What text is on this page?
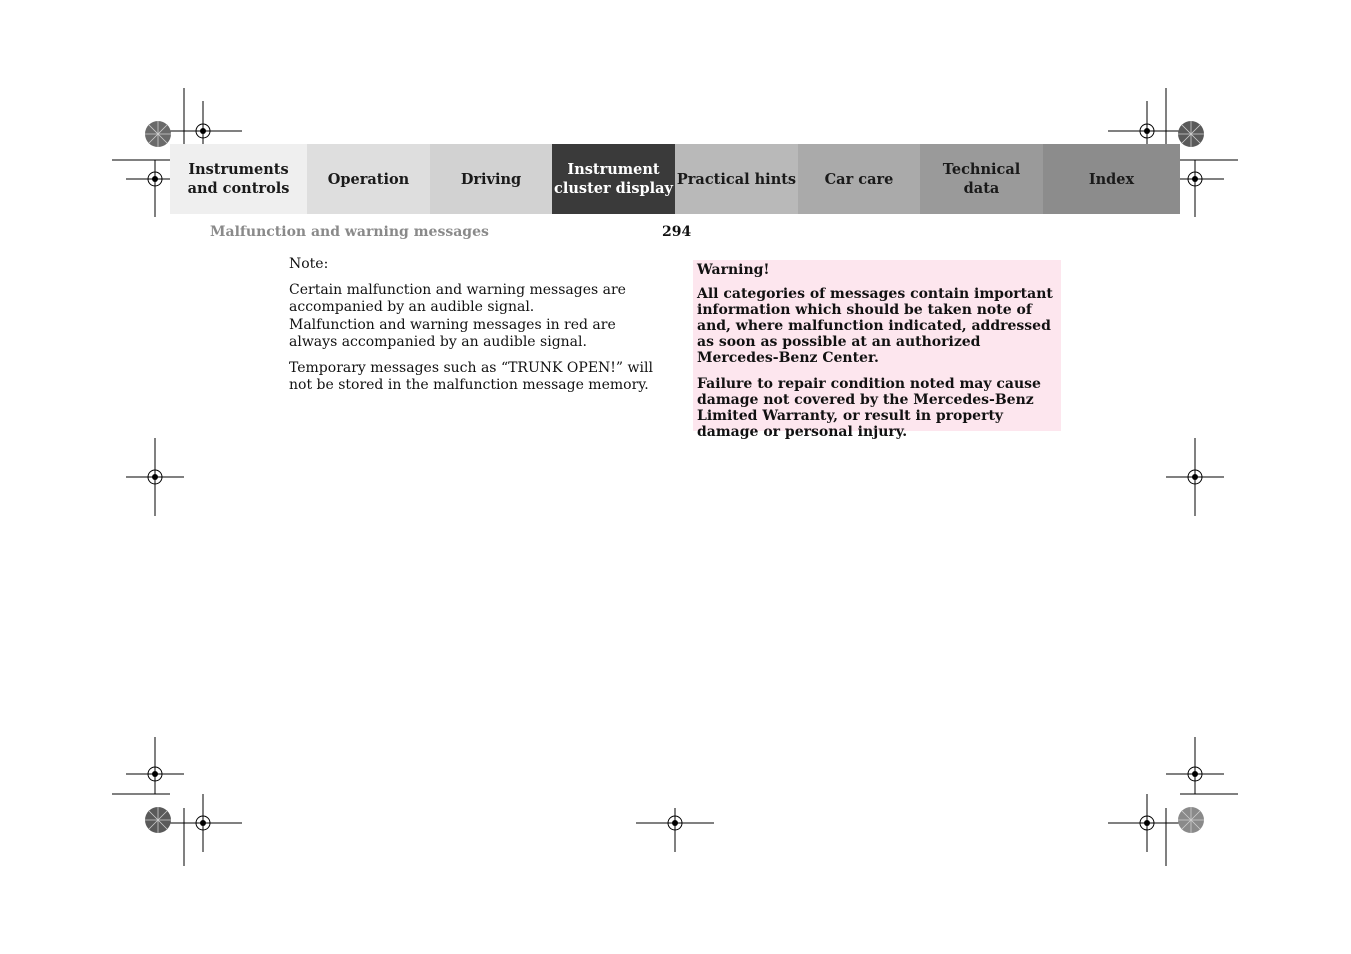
Instruments
and controls
Operation	Driving
Instrument
cluster display
Practical hints	Car care
Technical
data
Index
Malfunction and warning messages	294

Note:

Certain malfunction and warning messages are accompanied by an audible signal.

Malfunction and warning messages in red are always accompanied by an audible signal.

Temporary messages such as “TRUNK OPEN!” will not be stored in the malfunction message memory.

Warning!

All categories of messages contain important information which should be taken note of and, where malfunction indicated, addressed as soon as possible at an authorized Mercedes-Benz Center.

Failure to repair condition noted may cause damage not covered by the Mercedes-Benz Limited Warranty, or result in property damage or personal injury.
